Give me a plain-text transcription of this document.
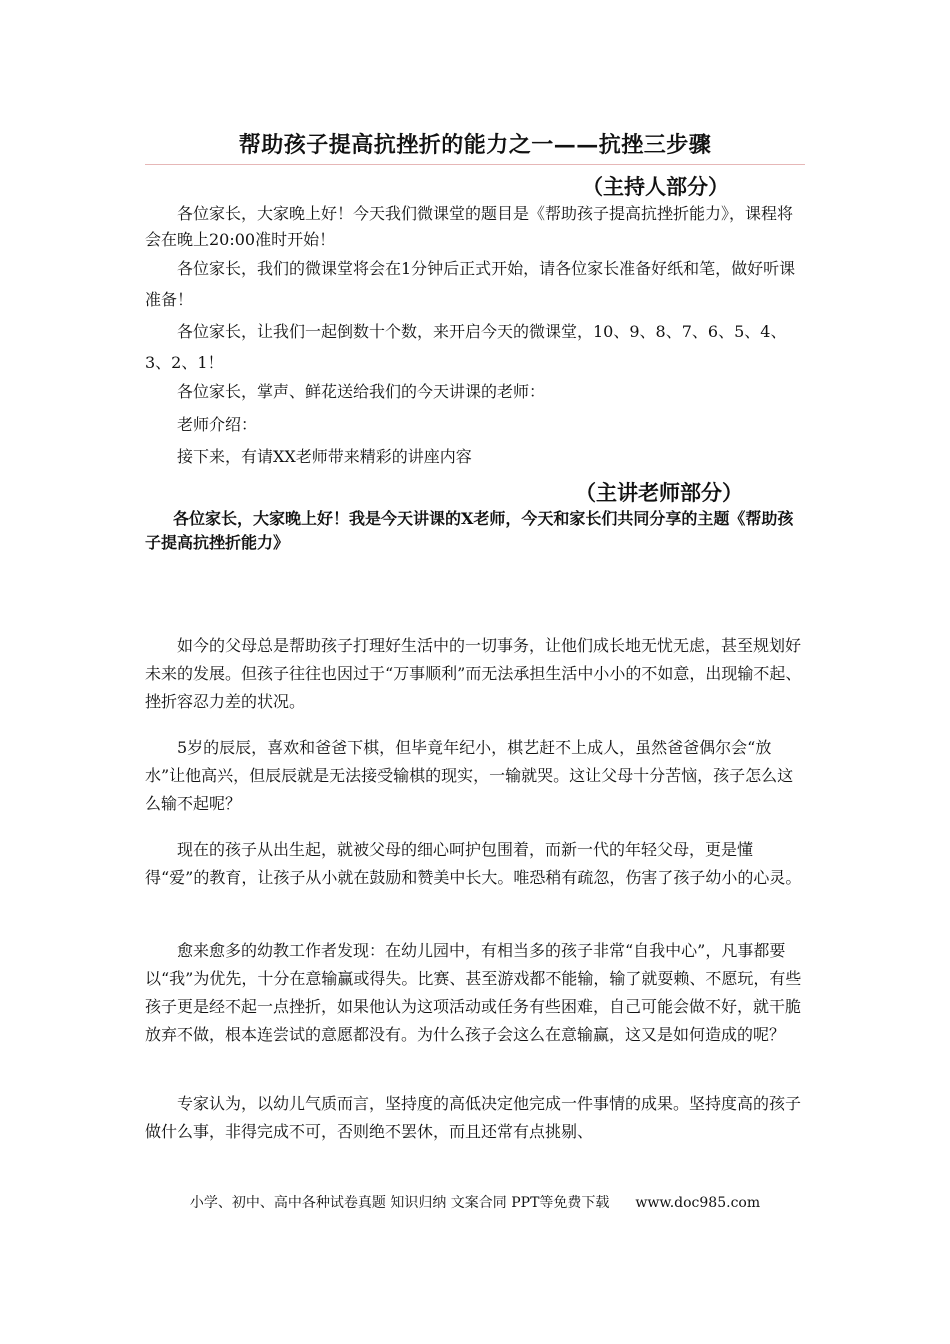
帮助孩子提高抗挫折的能力之一——抗挫三步骤
（主持人部分）

各位家长，大家晚上好！今天我们微课堂的题目是《帮助孩子提高抗挫折能力》，课程将会在晚上20:00准时开始！

各位家长，我们的微课堂将会在1分钟后正式开始，请各位家长准备好纸和笔，做好听课准备！

各位家长，让我们一起倒数十个数，来开启今天的微课堂，10、9、8、7、6、5、4、3、2、1！

各位家长，掌声、鲜花送给我们的今天讲课的老师：

老师介绍：

接下来，有请XX老师带来精彩的讲座内容

（主讲老师部分）

各位家长，大家晚上好！我是今天讲课的X老师，今天和家长们共同分享的主题《帮助孩子提高抗挫折能力》

如今的父母总是帮助孩子打理好生活中的一切事务，让他们成长地无忧无虑，甚至规划好未来的发展。但孩子往往也因过于“万事顺利”而无法承担生活中小小的不如意，出现输不起、挫折容忍力差的状况。

5岁的辰辰，喜欢和爸爸下棋，但毕竟年纪小，棋艺赶不上成人，虽然爸爸偶尔会“放水”让他高兴，但辰辰就是无法接受输棋的现实，一输就哭。这让父母十分苦恼，孩子怎么这么输不起呢？

现在的孩子从出生起，就被父母的细心呵护包围着，而新一代的年轻父母，更是懂得“爱”的教育，让孩子从小就在鼓励和赞美中长大。唯恐稍有疏忽，伤害了孩子幼小的心灵。

愈来愈多的幼教工作者发现：在幼儿园中，有相当多的孩子非常“自我中心”，凡事都要以“我”为优先，十分在意输赢或得失。比赛、甚至游戏都不能输，输了就耍赖、不愿玩，有些孩子更是经不起一点挫折，如果他认为这项活动或任务有些困难，自己可能会做不好，就干脆放弃不做，根本连尝试的意愿都没有。为什么孩子会这么在意输赢，这又是如何造成的呢？

专家认为，以幼儿气质而言，坚持度的高低决定他完成一件事情的成果。坚持度高的孩子做什么事，非得完成不可，否则绝不罢休，而且还常有点挑剔、

小学、初中、高中各种试卷真题 知识归纳 文案合同 PPT等免费下载 www.doc985.com
